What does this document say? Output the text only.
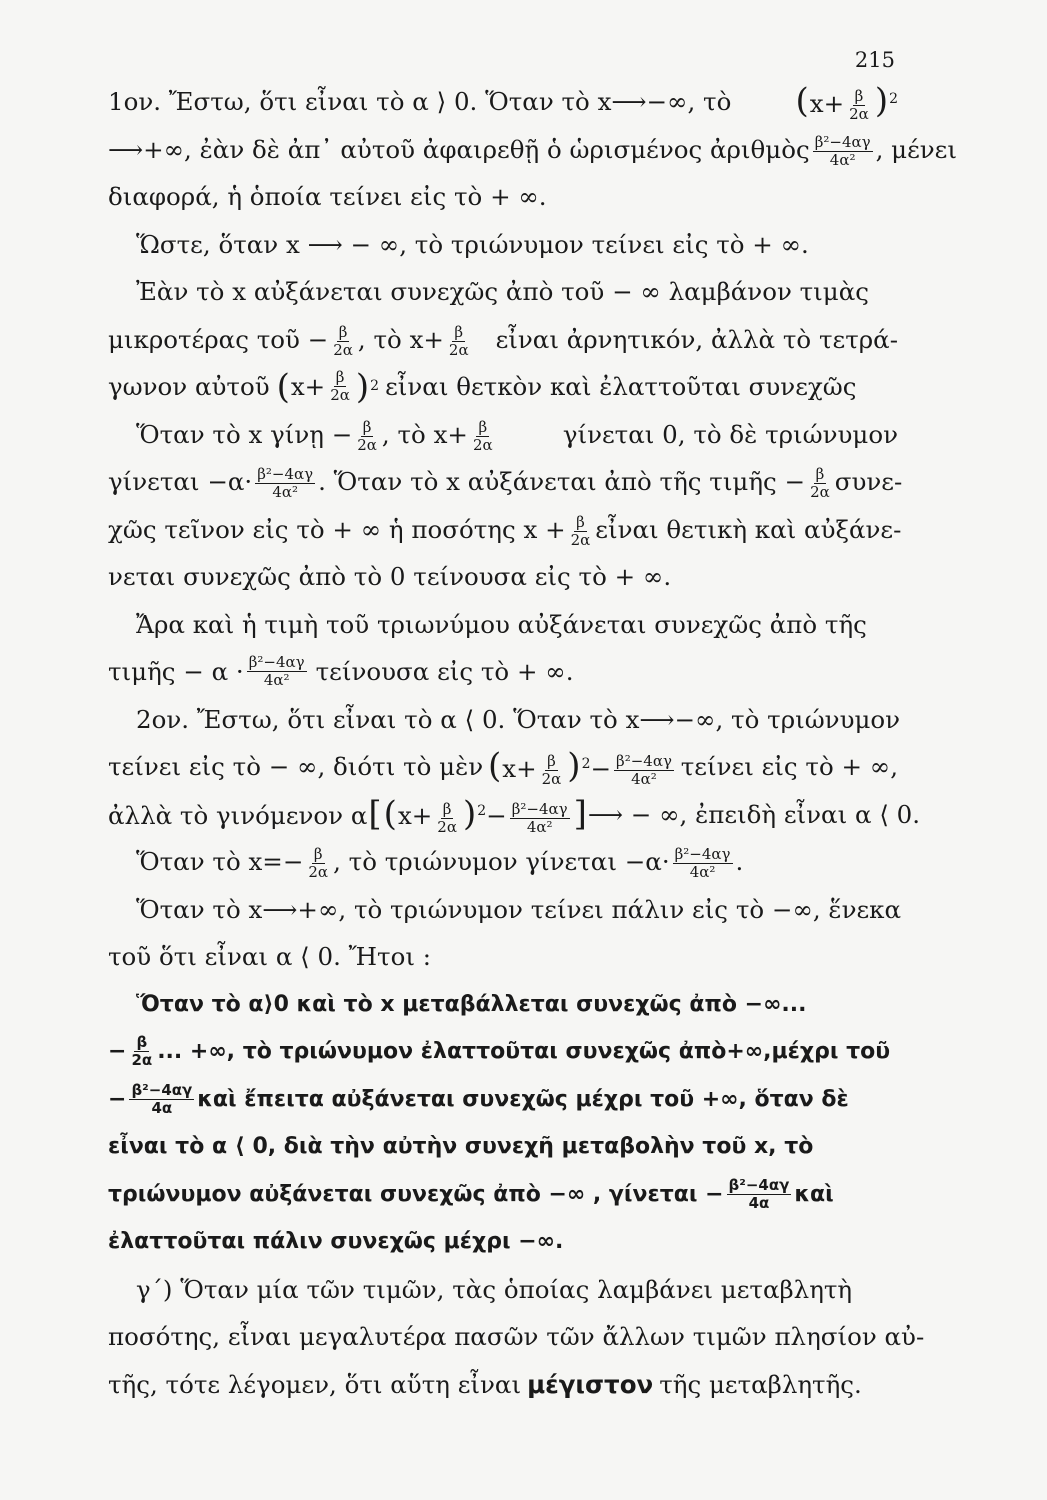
215
1ον. Ἔστω, ὅτι εἶναι τὸ α ⟩ 0. Ὅταν τὸ x⟶−∞, τὸ $(x+ \frac{\beta}{2\alpha} )^2$
⟶+∞, ἐὰν δὲ ἀπ᾽ αὐτοῦ ἀφαιρεθῇ ὁ ὡρισμένος ἀριθμὸς $\frac{\text{β²−4αγ}}{\text{4α²}}$ , μένει
διαφορά, ἡ ὁποία τείνει εἰς τὸ + ∞.
Ὥστε, ὅταν x ⟶ − ∞, τὸ τριώνυμον τείνει εἰς τὸ + ∞.
Ἐὰν τὸ x αὐξάνεται συνεχῶς ἀπὸ τοῦ − ∞ λαμβάνον τιμὰς
μικροτέρας τοῦ − $\frac{\beta}{2\alpha}$ , τὸ $x+ \frac{\beta}{2\alpha}$ εἶναι ἀρνητικόν, ἀλλὰ τὸ τετρά-
γωνον αὐτοῦ ( $x+ \frac{\beta}{2\alpha}$ ) 2 εἶναι θετκὸν καὶ ἐλαττοῦται συνεχῶς
Ὅταν τὸ x γίνῃ − $\frac{\beta}{2\alpha}$ , τὸ $x+ \frac{\beta}{2\alpha}$	γίνεται 0, τὸ δὲ τριώνυμον
$\gamma ί\nu\varepsilon\tau\alpha\iota -\alpha\cdot \frac{\text{β²−4αγ}}{\text{4α²}}$ . Ὅταν τὸ x αὐξάνεται ἀπὸ τῆς τιμῆς − $\frac{\beta}{2\alpha} \sigma\upsilon\nu\varepsilon-$
χῶς τεῖνον εἰς τὸ + ∞ ἡ ποσότης $x + \frac{\beta}{2\alpha}$ εἶναι θετικὴ καὶ αὐξάνε-
νεται συνεχῶς ἀπὸ τὸ 0 τείνουσα εἰς τὸ + ∞.
Ἄρα καὶ ἡ τιμὴ τοῦ τριωνύμου αὐξάνεται συνεχῶς ἀπὸ τῆς
τιμῆς − $\alpha \cdot \frac{\text{β²−4αγ}}{\text{4α²}}$ τείνουσα εἰς τὸ + ∞.
2ον. Ἔστω, ὅτι εἶναι τὸ α ⟨ 0. Ὅταν τὸ x⟶−∞, τὸ τριώνυμον
τείνει εἰς τὸ − ∞, διότι τὸ μὲν $(x+ \frac{\beta}{2\alpha} )^2- \frac{\text{β²−4αγ}}{\text{4α²}}$ τείνει εἰς τὸ + ∞,
ἀλλὰ τὸ γινόμενον $\alpha[(x+ \frac{\beta}{2\alpha} )^2- \frac{\text{β²−4αγ}}{\text{4α²}}$ ] ⟶ − ∞, ἐπειδὴ εἶναι α ⟨ 0.
Ὅταν τὸ $x=- \frac{\beta}{2\alpha}$ , τὸ τριώνυμον $\gamma ί\nu\varepsilon\tau\alpha\iota -\alpha\cdot \frac{\text{β²−4αγ}}{\text{4α²}}$ .
Ὅταν τὸ x⟶+∞, τὸ τριώνυμον τείνει πάλιν εἰς τὸ −∞, ἕνεκα
τοῦ ὅτι εἶναι α ⟨ 0. Ἤτοι :
Ὅταν τὸ α⟩0 καὶ τὸ x μεταβάλλεται συνεχῶς ἀπὸ −∞...
− $\frac{\beta}{2\alpha}$ ... +∞, τὸ τριώνυμον ἐλαττοῦται συνεχῶς ἀπὸ+∞,μέχρι τοῦ
− $\frac{\text{β²−4αγ}}{4\alpha}$ καὶ ἔπειτα αὐξάνεται συνεχῶς μέχρι τοῦ +∞, ὅταν δὲ
εἶναι τὸ α ⟨ 0, διὰ τὴν αὐτὴν συνεχῆ μεταβολὴν τοῦ x, τὸ
τριώνυμον αὐξάνεται συνεχῶς ἀπὸ −∞ , $\gamma ί\nu\varepsilon\tau\alpha\iota - \frac{\text{β²−4αγ}}{4\alpha}$ καὶ
ἐλαττοῦται πάλιν συνεχῶς μέχρι −∞.
γ΄) Ὅταν μία τῶν τιμῶν, τὰς ὁποίας λαμβάνει μεταβλητὴ
ποσότης, εἶναι μεγαλυτέρα πασῶν τῶν ἄλλων τιμῶν πλησίον αὐ-
τῆς, τότε λέγομεν, ὅτι αὕτη εἶναι μέγιστον τῆς μεταβλητῆς.
